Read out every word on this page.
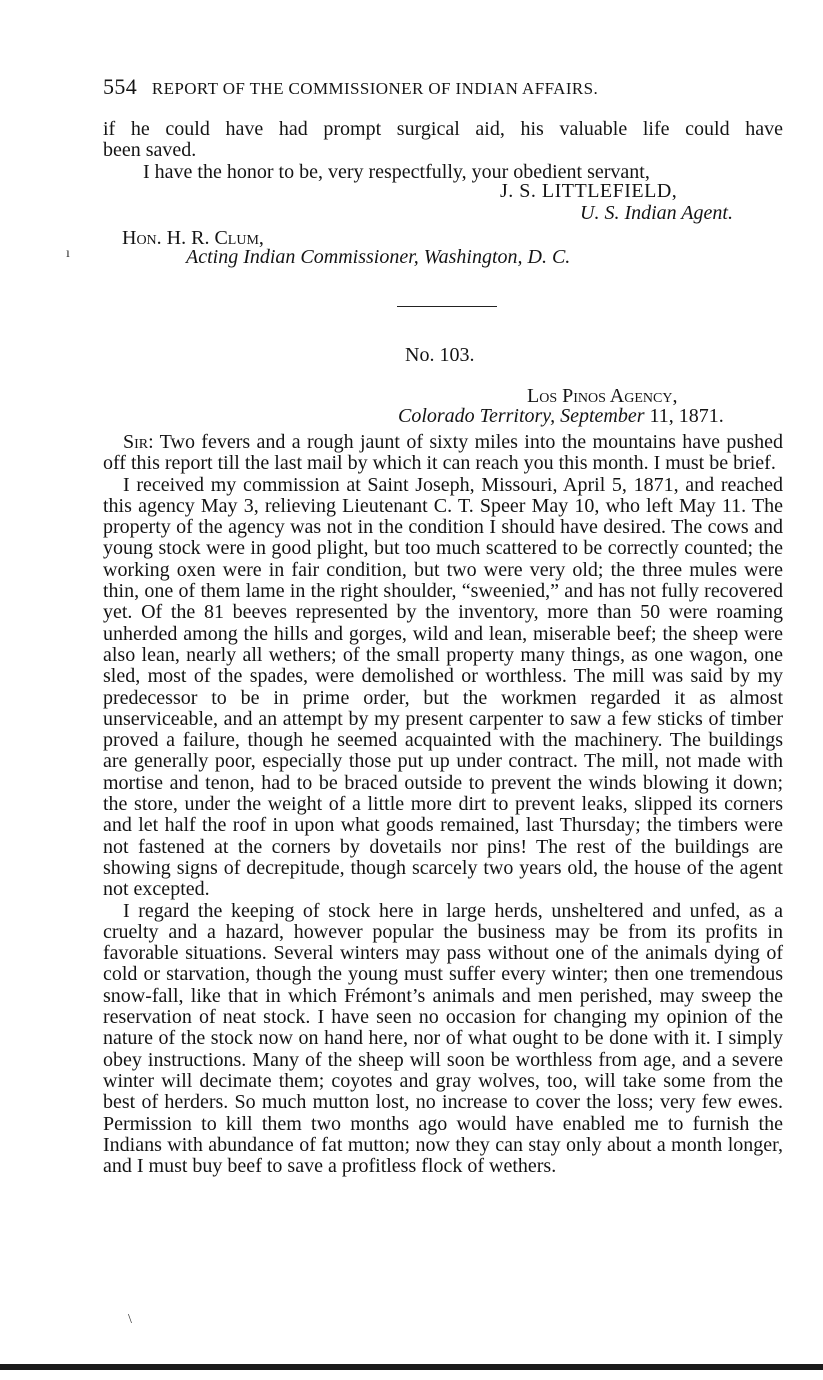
554 REPORT OF THE COMMISSIONER OF INDIAN AFFAIRS.

if he could have had prompt surgical aid, his valuable life could have

been saved.

I have the honor to be, very respectfully, your obedient servant,

J. S. LITTLEFIELD,
U. S. Indian Agent.
Hon. H. R. Clum,
Acting Indian Commissioner, Washington, D. C.
No. 103.
Los Pinos Agency,
Colorado Territory, September 11, 1871.

Sir: Two fevers and a rough jaunt of sixty miles into the mountains have pushed off this report till the last mail by which it can reach you this month. I must be brief.

I received my commission at Saint Joseph, Missouri, April 5, 1871, and reached this agency May 3, relieving Lieutenant C. T. Speer May 10, who left May 11. The property of the agency was not in the condition I should have desired. The cows and young stock were in good plight, but too much scattered to be correctly counted; the working oxen were in fair condition, but two were very old; the three mules were thin, one of them lame in the right shoulder, “sweenied,” and has not fully recovered yet. Of the 81 beeves represented by the inventory, more than 50 were roaming unherded among the hills and gorges, wild and lean, miserable beef; the sheep were also lean, nearly all wethers; of the small property many things, as one wagon, one sled, most of the spades, were demolished or worthless. The mill was said by my predecessor to be in prime order, but the workmen regarded it as almost unserviceable, and an attempt by my present carpenter to saw a few sticks of timber proved a failure, though he seemed acquainted with the machinery. The buildings are generally poor, especially those put up under contract. The mill, not made with mortise and tenon, had to be braced outside to prevent the winds blowing it down; the store, under the weight of a little more dirt to prevent leaks, slipped its corners and let half the roof in upon what goods remained, last Thursday; the timbers were not fastened at the corners by dovetails nor pins! The rest of the buildings are showing signs of decrepitude, though scarcely two years old, the house of the agent not excepted.

I regard the keeping of stock here in large herds, unsheltered and unfed, as a cruelty and a hazard, however popular the business may be from its profits in favorable situations. Several winters may pass without one of the animals dying of cold or starvation, though the young must suffer every winter; then one tremendous snow-fall, like that in which Frémont’s animals and men perished, may sweep the reservation of neat stock. I have seen no occasion for changing my opinion of the nature of the stock now on hand here, nor of what ought to be done with it. I simply obey instructions. Many of the sheep will soon be worthless from age, and a severe winter will decimate them; coyotes and gray wolves, too, will take some from the best of herders. So much mutton lost, no increase to cover the loss; very few ewes. Permission to kill them two months ago would have enabled me to furnish the Indians with abundance of fat mutton; now they can stay only about a month longer, and I must buy beef to save a profitless flock of wethers.

ı
\
